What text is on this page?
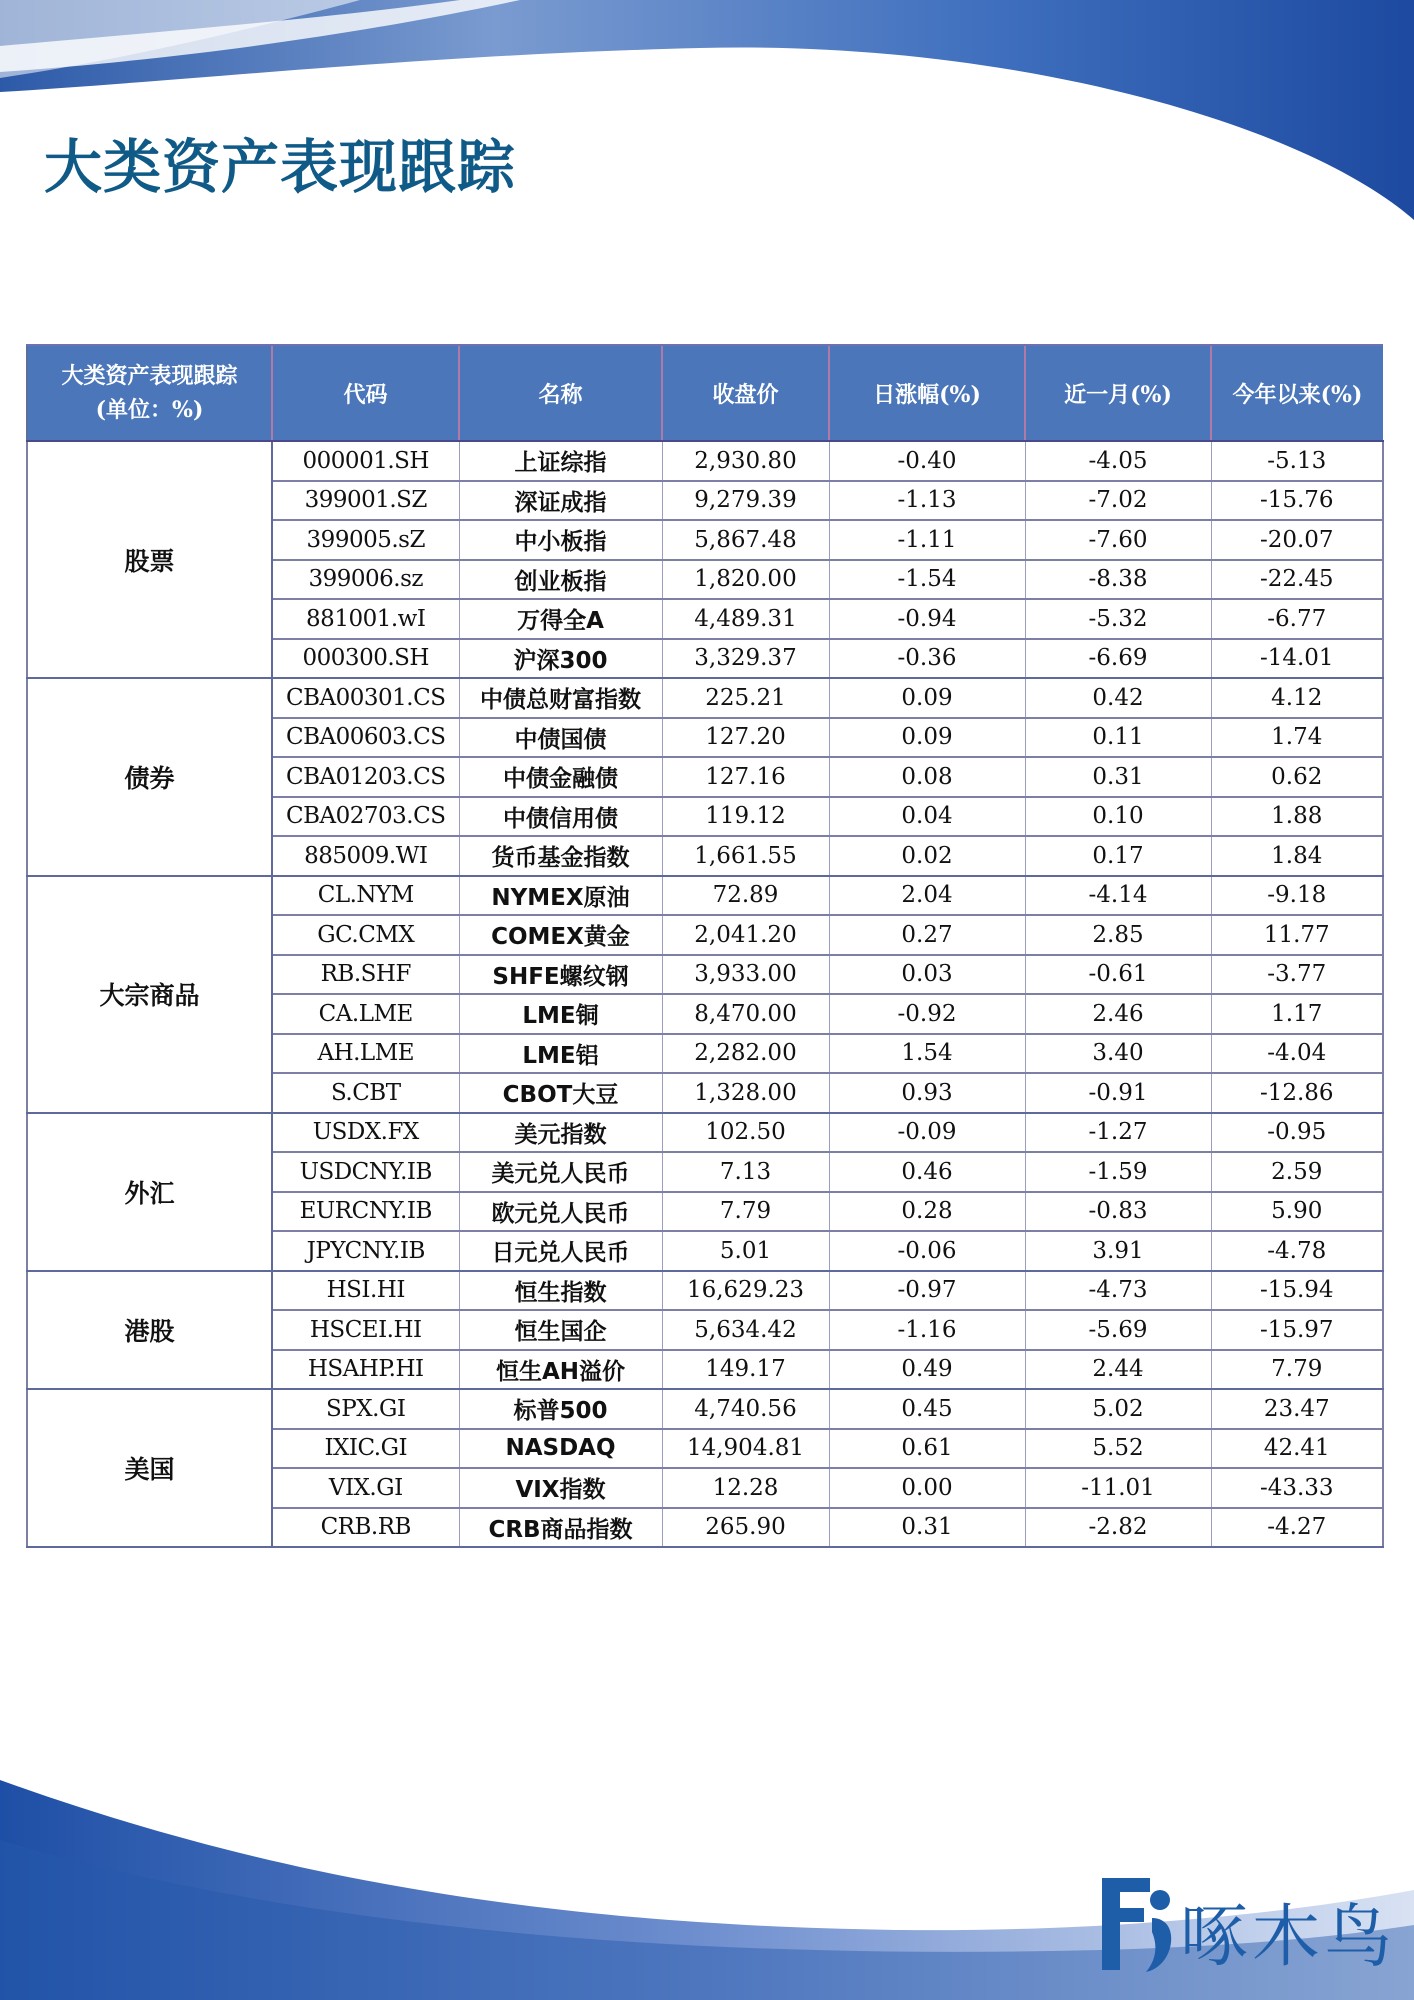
大类资产表现跟踪
大类资产表现跟踪
(单位：%)	代码	名称	收盘价	日涨幅(%)	近一月(%)	今年以来(%)
股票	000001.SH	上证综指	2,930.80	-0.40	-4.05	-5.13
	399001.SZ	深证成指	9,279.39	-1.13	-7.02	-15.76
	399005.sZ	中小板指	5,867.48	-1.11	-7.60	-20.07
	399006.sz	创业板指	1,820.00	-1.54	-8.38	-22.45
	881001.wI	万得全A	4,489.31	-0.94	-5.32	-6.77
	000300.SH	沪深300	3,329.37	-0.36	-6.69	-14.01
债券	CBA00301.CS	中债总财富指数	225.21	0.09	0.42	4.12
	CBA00603.CS	中债国债	127.20	0.09	0.11	1.74
	CBA01203.CS	中债金融债	127.16	0.08	0.31	0.62
	CBA02703.CS	中债信用债	119.12	0.04	0.10	1.88
	885009.WI	货币基金指数	1,661.55	0.02	0.17	1.84
大宗商品	CL.NYM	NYMEX原油	72.89	2.04	-4.14	-9.18
	GC.CMX	COMEX黄金	2,041.20	0.27	2.85	11.77
	RB.SHF	SHFE螺纹钢	3,933.00	0.03	-0.61	-3.77
	CA.LME	LME铜	8,470.00	-0.92	2.46	1.17
	AH.LME	LME铝	2,282.00	1.54	3.40	-4.04
	S.CBT	CBOT大豆	1,328.00	0.93	-0.91	-12.86
外汇	USDX.FX	美元指数	102.50	-0.09	-1.27	-0.95
	USDCNY.IB	美元兑人民币	7.13	0.46	-1.59	2.59
	EURCNY.IB	欧元兑人民币	7.79	0.28	-0.83	5.90
	JPYCNY.IB	日元兑人民币	5.01	-0.06	3.91	-4.78
港股	HSI.HI	恒生指数	16,629.23	-0.97	-4.73	-15.94
	HSCEI.HI	恒生国企	5,634.42	-1.16	-5.69	-15.97
	HSAHP.HI	恒生AH溢价	149.17	0.49	2.44	7.79
美国	SPX.GI	标普500	4,740.56	0.45	5.02	23.47
	IXIC.GI	NASDAQ	14,904.81	0.61	5.52	42.41
	VIX.GI	VIX指数	12.28	0.00	-11.01	-43.33
	CRB.RB	CRB商品指数	265.90	0.31	-2.82	-4.27
啄木鸟
